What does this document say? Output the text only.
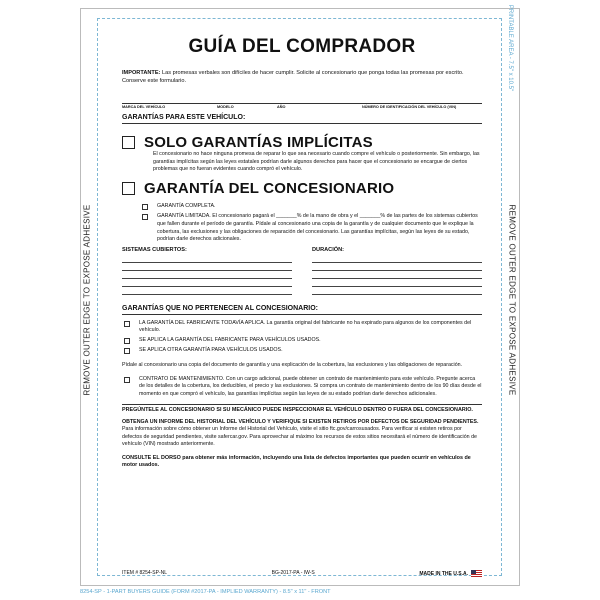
REMOVE OUTER EDGE TO EXPOSE ADHESIVE	REMOVE OUTER EDGE TO EXPOSE ADHESIVE
PRINTABLE AREA - 7.5" x 10.5"
GUÍA DEL COMPRADOR
IMPORTANTE: Las promesas verbales son difíciles de hacer cumplir. Solicite al concesionario que ponga todas las promesas por escrito. Conserve este formulario.
MARCA DEL VEHÍCULO	MODELO	AÑO	NÚMERO DE IDENTIFICACIÓN DEL VEHÍCULO (VIN)
GARANTÍAS PARA ESTE VEHÍCULO:
SOLO GARANTÍAS IMPLÍCITAS
El concesionario no hace ninguna promesa de reparar lo que sea necesario cuando compre el vehículo o posteriormente. Sin embargo, las garantías implícitas según las leyes estatales podrían darle algunos derechos para hacer que el concesionario se encargue de ciertos problemas que no fueran evidentes cuando compró el vehículo.
GARANTÍA DEL CONCESIONARIO
GARANTÍA COMPLETA.
GARANTÍA LIMITADA. El concesionario pagará el _______% de la mano de obra y el _______% de las partes de los sistemas cubiertos que fallen durante el período de garantía. Pídale al concesionario una copia de la garantía y de cualquier documento que le explique la cobertura, las exclusiones y las obligaciones de reparación del concesionario. Las garantías implícitas, según las leyes de su estado, podrían darle derechos adicionales.
SISTEMAS CUBIERTOS:	DURACIÓN:
GARANTÍAS QUE NO PERTENECEN AL CONCESIONARIO:
LA GARANTÍA DEL FABRICANTE TODAVÍA APLICA. La garantía original del fabricante no ha expirado para algunos de los componentes del vehículo.
SE APLICA LA GARANTÍA DEL FABRICANTE PARA VEHÍCULOS USADOS.
SE APLICA OTRA GARANTÍA PARA VEHÍCULOS USADOS.
Pídale al concesionario una copia del documento de garantía y una explicación de la cobertura, las exclusiones y las obligaciones de reparación.
CONTRATO DE MANTENIMIENTO. Con un cargo adicional, puede obtener un contrato de mantenimiento para este vehículo. Pregunte acerca de los detalles de la cobertura, los deducibles, el precio y las exclusiones. Si compra un contrato de mantenimiento dentro de los 90 días desde el momento en que compró el vehículo, las garantías implícitas según las leyes de su estado podrían darle derechos adicionales.
PREGÚNTELE AL CONCESIONARIO SI SU MECÁNICO PUEDE INSPECCIONAR EL VEHÍCULO DENTRO O FUERA DEL CONCESIONARIO.
OBTENGA UN INFORME DEL HISTORIAL DEL VEHÍCULO Y VERIFIQUE SI EXISTEN RETIROS POR DEFECTOS DE SEGURIDAD PENDIENTES. Para información sobre cómo obtener un Informe del Historial del Vehículo, visite el sitio ftc.gov/carrosusados. Para verificar si existen retiros por defectos de seguridad pendientes, visite safercar.gov. Para aprovechar al máximo los recursos de estos sitios necesitará el número de identificación de vehículo (VIN) mostrado anteriormente.
CONSULTE EL DORSO para obtener más información, incluyendo una lista de defectos importantes que pueden ocurrir en vehículos de motor usados.
ITEM # 8254-SP-NL	BG-2017-PA - IW-S	MADE IN THE U.S.A.
8254-SP - 1-PART BUYERS GUIDE (FORM #2017-PA - IMPLIED WARRANTY) - 8.5" x 11" - FRONT
